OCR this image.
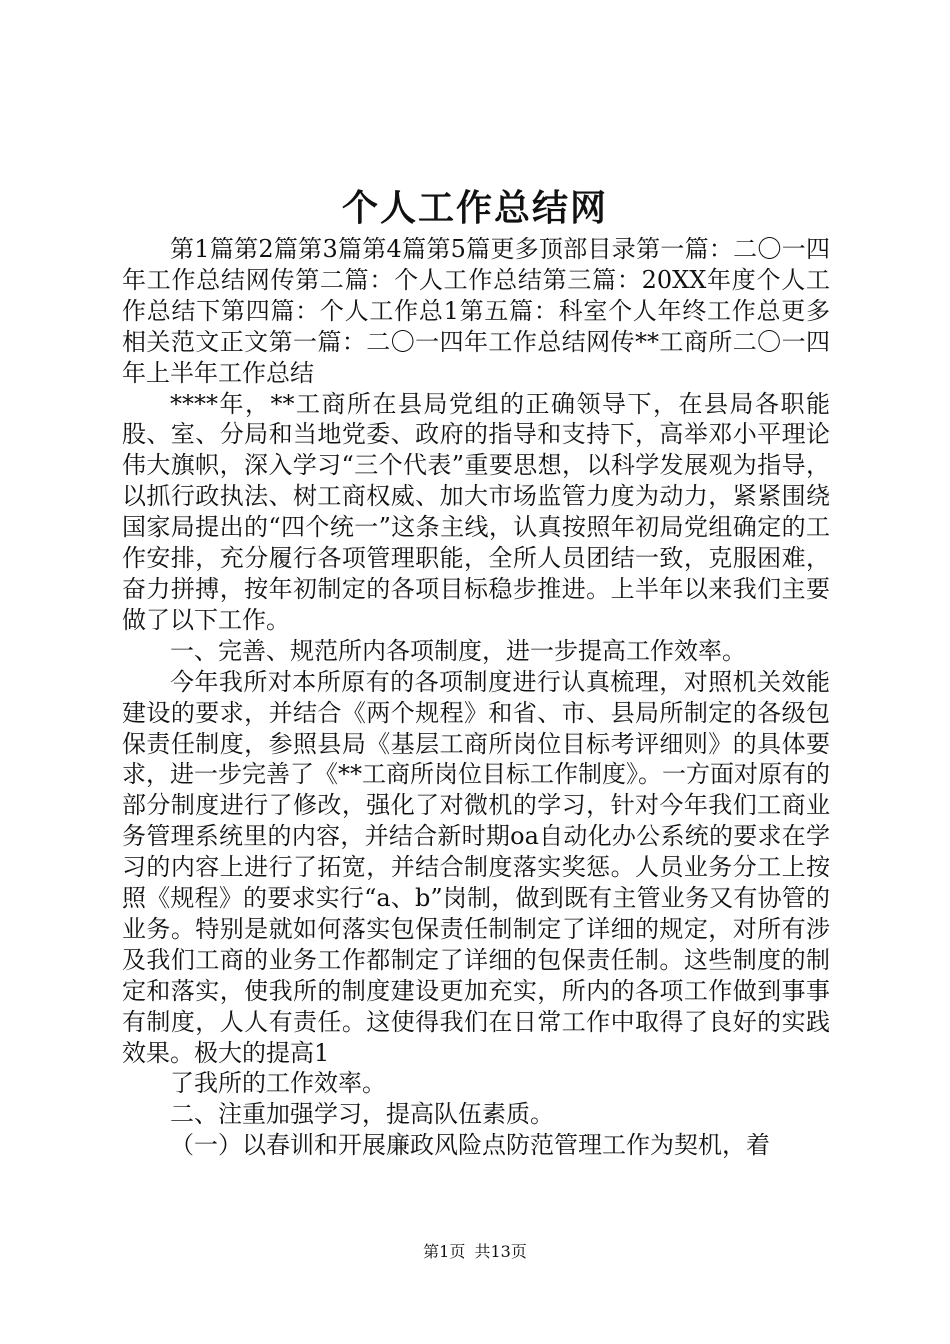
个人工作总结网

第1篇第2篇第3篇第4篇第5篇更多顶部目录第一篇：二〇一四年工作总结网传第二篇：个人工作总结第三篇：20XX年度个人工作总结下第四篇：个人工作总1第五篇：科室个人年终工作总更多相关范文正文第一篇：二〇一四年工作总结网传**工商所二〇一四年上半年工作总结

****年，**工商所在县局党组的正确领导下，在县局各职能股、室、分局和当地党委、政府的指导和支持下，高举邓小平理论伟大旗帜，深入学习“三个代表”重要思想，以科学发展观为指导，以抓行政执法、树工商权威、加大市场监管力度为动力，紧紧围绕国家局提出的“四个统一”这条主线，认真按照年初局党组确定的工作安排，充分履行各项管理职能，全所人员团结一致，克服困难，奋力拼搏，按年初制定的各项目标稳步推进。上半年以来我们主要做了以下工作。

一、完善、规范所内各项制度，进一步提高工作效率。

今年我所对本所原有的各项制度进行认真梳理，对照机关效能建设的要求，并结合《两个规程》和省、市、县局所制定的各级包保责任制度，参照县局《基层工商所岗位目标考评细则》的具体要求，进一步完善了《**工商所岗位目标工作制度》。一方面对原有的部分制度进行了修改，强化了对微机的学习，针对今年我们工商业务管理系统里的内容，并结合新时期oa自动化办公系统的要求在学习的内容上进行了拓宽，并结合制度落实奖惩。人员业务分工上按照《规程》的要求实行“a、b”岗制，做到既有主管业务又有协管的业务。特别是就如何落实包保责任制制定了详细的规定，对所有涉及我们工商的业务工作都制定了详细的包保责任制。这些制度的制定和落实，使我所的制度建设更加充实，所内的各项工作做到事事有制度，人人有责任。这使得我们在日常工作中取得了良好的实践效果。极大的提高1

了我所的工作效率。

二、注重加强学习，提高队伍素质。

（一）以春训和开展廉政风险点防范管理工作为契机，着

第1页 共13页
